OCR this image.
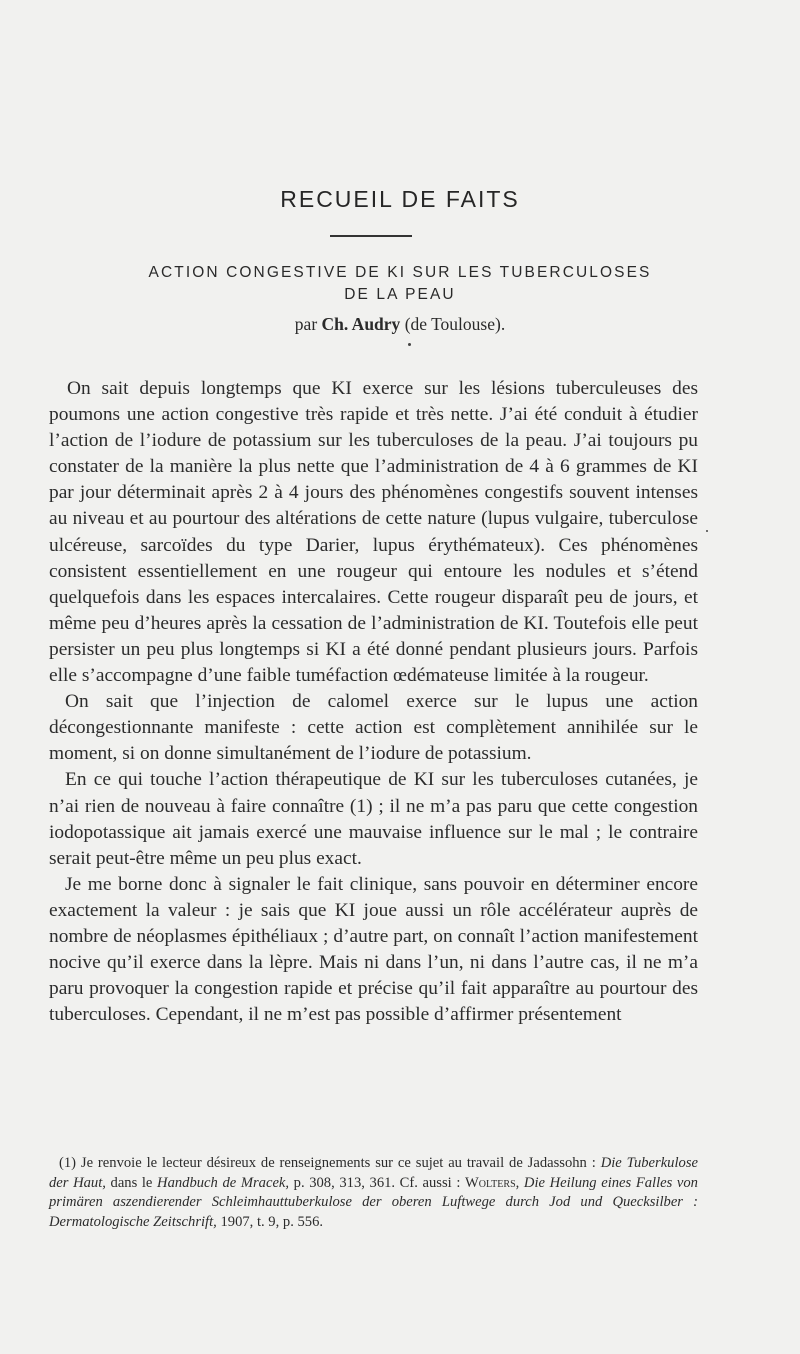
RECUEIL DE FAITS
ACTION CONGESTIVE DE KI SUR LES TUBERCULOSES
DE LA PEAU
par Ch. Audry (de Toulouse).

On sait depuis longtemps que KI exerce sur les lésions tuberculeuses des poumons une action congestive très rapide et très nette. J’ai été conduit à étudier l’action de l’iodure de potassium sur les tuberculoses de la peau. J’ai toujours pu constater de la manière la plus nette que l’administration de 4 à 6 grammes de KI par jour déterminait après 2 à 4 jours des phénomènes congestifs souvent intenses au niveau et au pourtour des altérations de cette nature (lupus vulgaire, tuberculose ulcéreuse, sarcoïdes du type Darier, lupus érythémateux). Ces phénomènes consistent essentiellement en une rougeur qui entoure les nodules et s’étend quelquefois dans les espaces intercalaires. Cette rougeur disparaît peu de jours, et même peu d’heures après la cessation de l’administration de KI. Toutefois elle peut persister un peu plus longtemps si KI a été donné pendant plusieurs jours. Parfois elle s’accompagne d’une faible tuméfaction œdémateuse limitée à la rougeur.

On sait que l’injection de calomel exerce sur le lupus une action décongestionnante manifeste : cette action est complètement annihilée sur le moment, si on donne simultanément de l’iodure de potassium.

En ce qui touche l’action thérapeutique de KI sur les tuberculoses cutanées, je n’ai rien de nouveau à faire connaître (1) ; il ne m’a pas paru que cette congestion iodopotassique ait jamais exercé une mauvaise influence sur le mal ; le contraire serait peut-être même un peu plus exact.

Je me borne donc à signaler le fait clinique, sans pouvoir en déterminer encore exactement la valeur : je sais que KI joue aussi un rôle accélérateur auprès de nombre de néoplasmes épithéliaux ; d’autre part, on connaît l’action manifestement nocive qu’il exerce dans la lèpre. Mais ni dans l’un, ni dans l’autre cas, il ne m’a paru provoquer la congestion rapide et précise qu’il fait apparaître au pourtour des tuberculoses. Cependant, il ne m’est pas possible d’affirmer présentement

(1) Je renvoie le lecteur désireux de renseignements sur ce sujet au travail de Jadassohn : Die Tuberkulose der Haut, dans le Handbuch de Mracek, p. 308, 313, 361. Cf. aussi : Wolters, Die Heilung eines Falles von primären aszendierender Schleimhauttuberkulose der oberen Luftwege durch Jod und Quecksilber : Dermatologische Zeitschrift, 1907, t. 9, p. 556.
